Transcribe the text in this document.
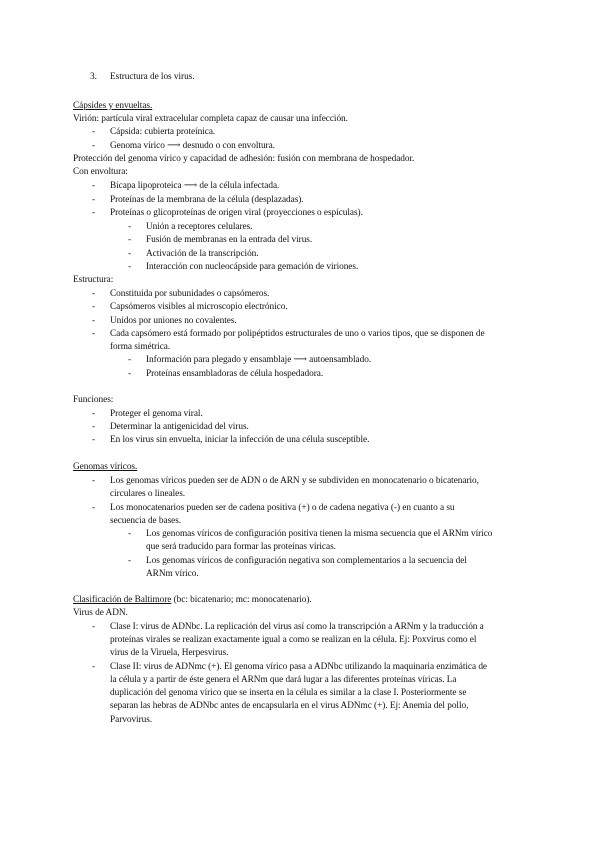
3. Estructura de los virus.
Cápsides y envueltas.
Virión: partícula viral extracelular completa capaz de causar una infección.
- Cápsida: cubierta proteínica.
- Genoma vírico ⟶ desnudo o con envoltura.
Protección del genoma vírico y capacidad de adhesión: fusión con membrana de hospedador.
Con envoltura:
- Bicapa lipoproteica ⟶ de la célula infectada.
- Proteínas de la membrana de la célula (desplazadas).
- Proteínas o glicoproteínas de origen viral (proyecciones o espículas).
- Unión a receptores celulares.
- Fusión de membranas en la entrada del virus.
- Activación de la transcripción.
- Interacción con nucleocápside para gemación de viriones.
Estructura:
- Constituida por subunidades o capsómeros.
- Capsómeros visibles al microscopio electrónico.
- Unidos por uniones no covalentes.
- Cada capsómero está formado por polipéptidos estructurales de uno o varios tipos, que se disponen de
forma simétrica.
- Información para plegado y ensamblaje ⟶ autoensamblado.
- Proteínas ensambladoras de célula hospedadora.
Funciones:
- Proteger el genoma viral.
- Determinar la antigenicidad del virus.
- En los virus sin envuelta, iniciar la infección de una célula susceptible.
Genomas víricos.
- Los genomas víricos pueden ser de ADN o de ARN y se subdividen en monocatenario o bicatenario,
circulares o lineales.
- Los monocatenarios pueden ser de cadena positiva (+) o de cadena negativa (-) en cuanto a su
secuencia de bases.
- Los genomas víricos de configuración positiva tienen la misma secuencia que el ARNm vírico
que será traducido para formar las proteínas víricas.
- Los genomas víricos de configuración negativa son complementarios a la secuencia del
ARNm vírico.
Clasificación de Baltimore (bc: bicatenario; mc: monocatenario).
Virus de ADN.
- Clase I: virus de ADNbc. La replicación del virus así como la transcripción a ARNm y la traducción a
proteínas virales se realizan exactamente igual a como se realizan en la célula. Ej: Poxvirus como el
virus de la Viruela, Herpesvirus.
- Clase II: virus de ADNmc (+). El genoma vírico pasa a ADNbc utilizando la maquinaria enzimática de
la célula y a partir de éste genera el ARNm que dará lugar a las diferentes proteínas víricas. La
duplicación del genoma vírico que se inserta en la célula es similar a la clase I. Posteriormente se
separan las hebras de ADNbc antes de encapsularla en el virus ADNmc (+). Ej: Anemia del pollo,
Parvovirus.
